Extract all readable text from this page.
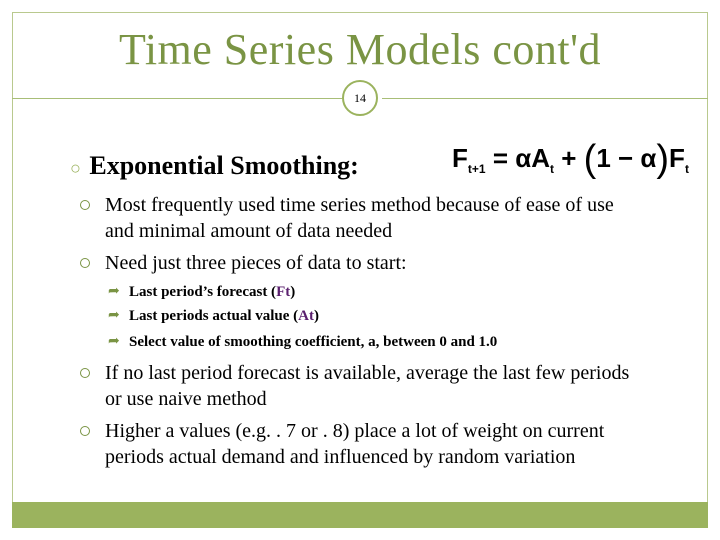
Time Series Models cont'd
14
○ Exponential Smoothing:	$F_{t+1} = \alpha A_t + (1 - \alpha)F_t$
Most frequently used time series method because of ease of use and minimal amount of data needed
Need just three pieces of data to start:
➦ Last period’s forecast (Ft)
➦ Last periods actual value (At)
➦ Select value of smoothing coefficient, a, between 0 and 1.0
If no last period forecast is available, average the last few periods or use naive method
Higher a values (e.g. . 7 or . 8) place a lot of weight on current periods actual demand and influenced by random variation
